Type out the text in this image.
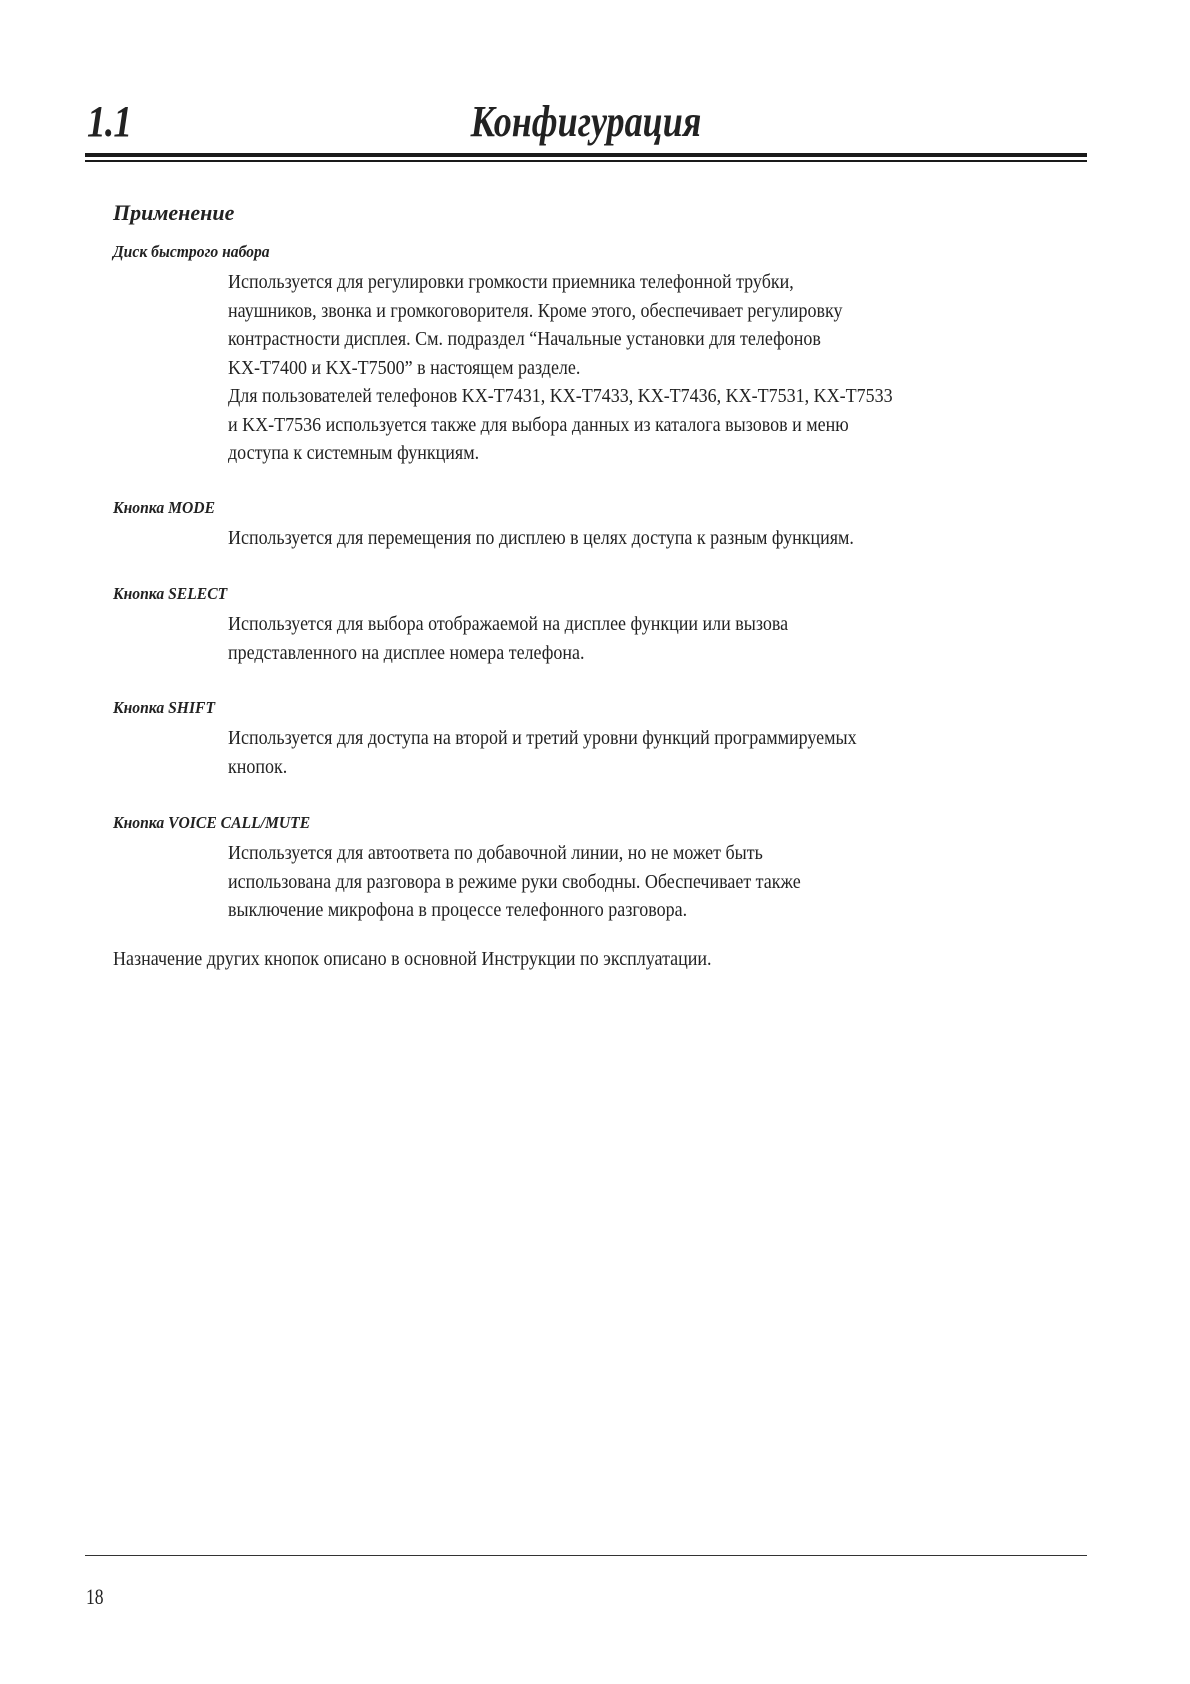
1.1	Конфигурация
Применение
Диск быстрого набора
Используется для регулировки громкости приемника телефонной трубки,
наушников, звонка и громкоговорителя. Кроме этого, обеспечивает регулировку
контрастности дисплея. См. подраздел “Начальные установки для телефонов
KX-T7400 и KX-T7500” в настоящем разделе.
Для пользователей телефонов KX-T7431, KX-T7433, KX-T7436, KX-T7531, KX-T7533
и KX-T7536 используется также для выбора данных из каталога вызовов и меню
доступа к системным функциям.
Кнопка MODE
Используется для перемещения по дисплею в целях доступа к разным функциям.
Кнопка SELECT
Используется для выбора отображаемой на дисплее функции или вызова
представленного на дисплее номера телефона.
Кнопка SHIFT
Используется для доступа на второй и третий уровни функций программируемых
кнопок.
Кнопка VOICE CALL/MUTE
Используется для автоответа по добавочной линии, но не может быть
использована для разговора в режиме руки свободны. Обеспечивает также
выключение микрофона в процессе телефонного разговора.
Назначение других кнопок описано в основной Инструкции по эксплуатации.
18
